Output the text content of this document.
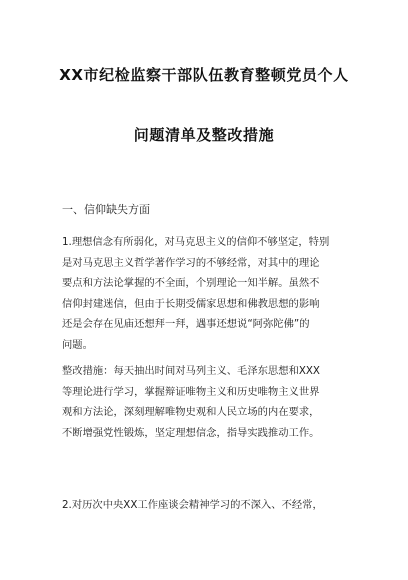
XX市纪检监察干部队伍教育整顿党员个人
问题清单及整改措施
一、信仰缺失方面
1.理想信念有所弱化，对马克思主义的信仰不够坚定，特别
是对马克思主义哲学著作学习的不够经常，对其中的理论
要点和方法论掌握的不全面，个别理论一知半解。虽然不
信仰封建迷信，但由于长期受儒家思想和佛教思想的影响
还是会存在见庙还想拜一拜，遇事还想说“阿弥陀佛”的
问题。
整改措施：每天抽出时间对马列主义、毛泽东思想和XXX
等理论进行学习，掌握辩证唯物主义和历史唯物主义世界
观和方法论，深刻理解唯物史观和人民立场的内在要求，
不断增强党性锻炼，坚定理想信念，指导实践推动工作。
2.对历次中央XX工作座谈会精神学习的不深入、不经常，
